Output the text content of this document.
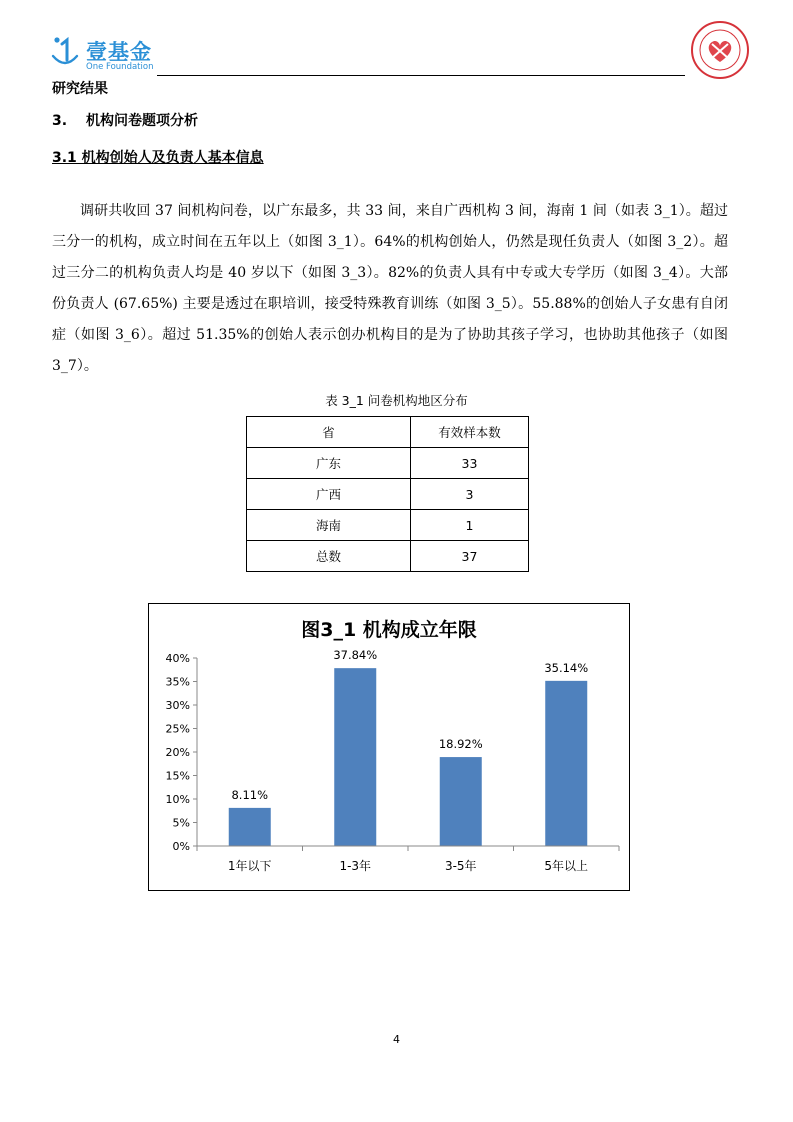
壹基金
One Foundation
研究结果
3. 机构问卷题项分析
3.1 机构创始人及负责人基本信息
调研共收回 37 间机构问卷，以广东最多，共 33 间，来自广西机构 3 间，海南 1 间（如表 3_1）。超过三分一的机构，成立时间在五年以上（如图 3_1）。64%的机构创始人，仍然是现任负责人（如图 3_2）。超过三分二的机构负责人均是 40 岁以下（如图 3_3）。82%的负责人具有中专或大专学历（如图 3_4）。大部份负责人 (67.65%) 主要是透过在职培训，接受特殊教育训练（如图 3_5）。55.88%的创始人子女患有自闭症（如图 3_6）。超过 51.35%的创始人表示创办机构目的是为了协助其孩子学习，也协助其他孩子（如图 3_7）。
表 3_1 问卷机构地区分布
省	有效样本数
广东	33
广西	3
海南	1
总数	37
图3_1 机构成立年限
0%
5%
10%
15%
20%
25%
30%
35%
40%
8.11%
37.84%
18.92%
35.14%
1年以下	1-3年	3-5年	5年以上
4
